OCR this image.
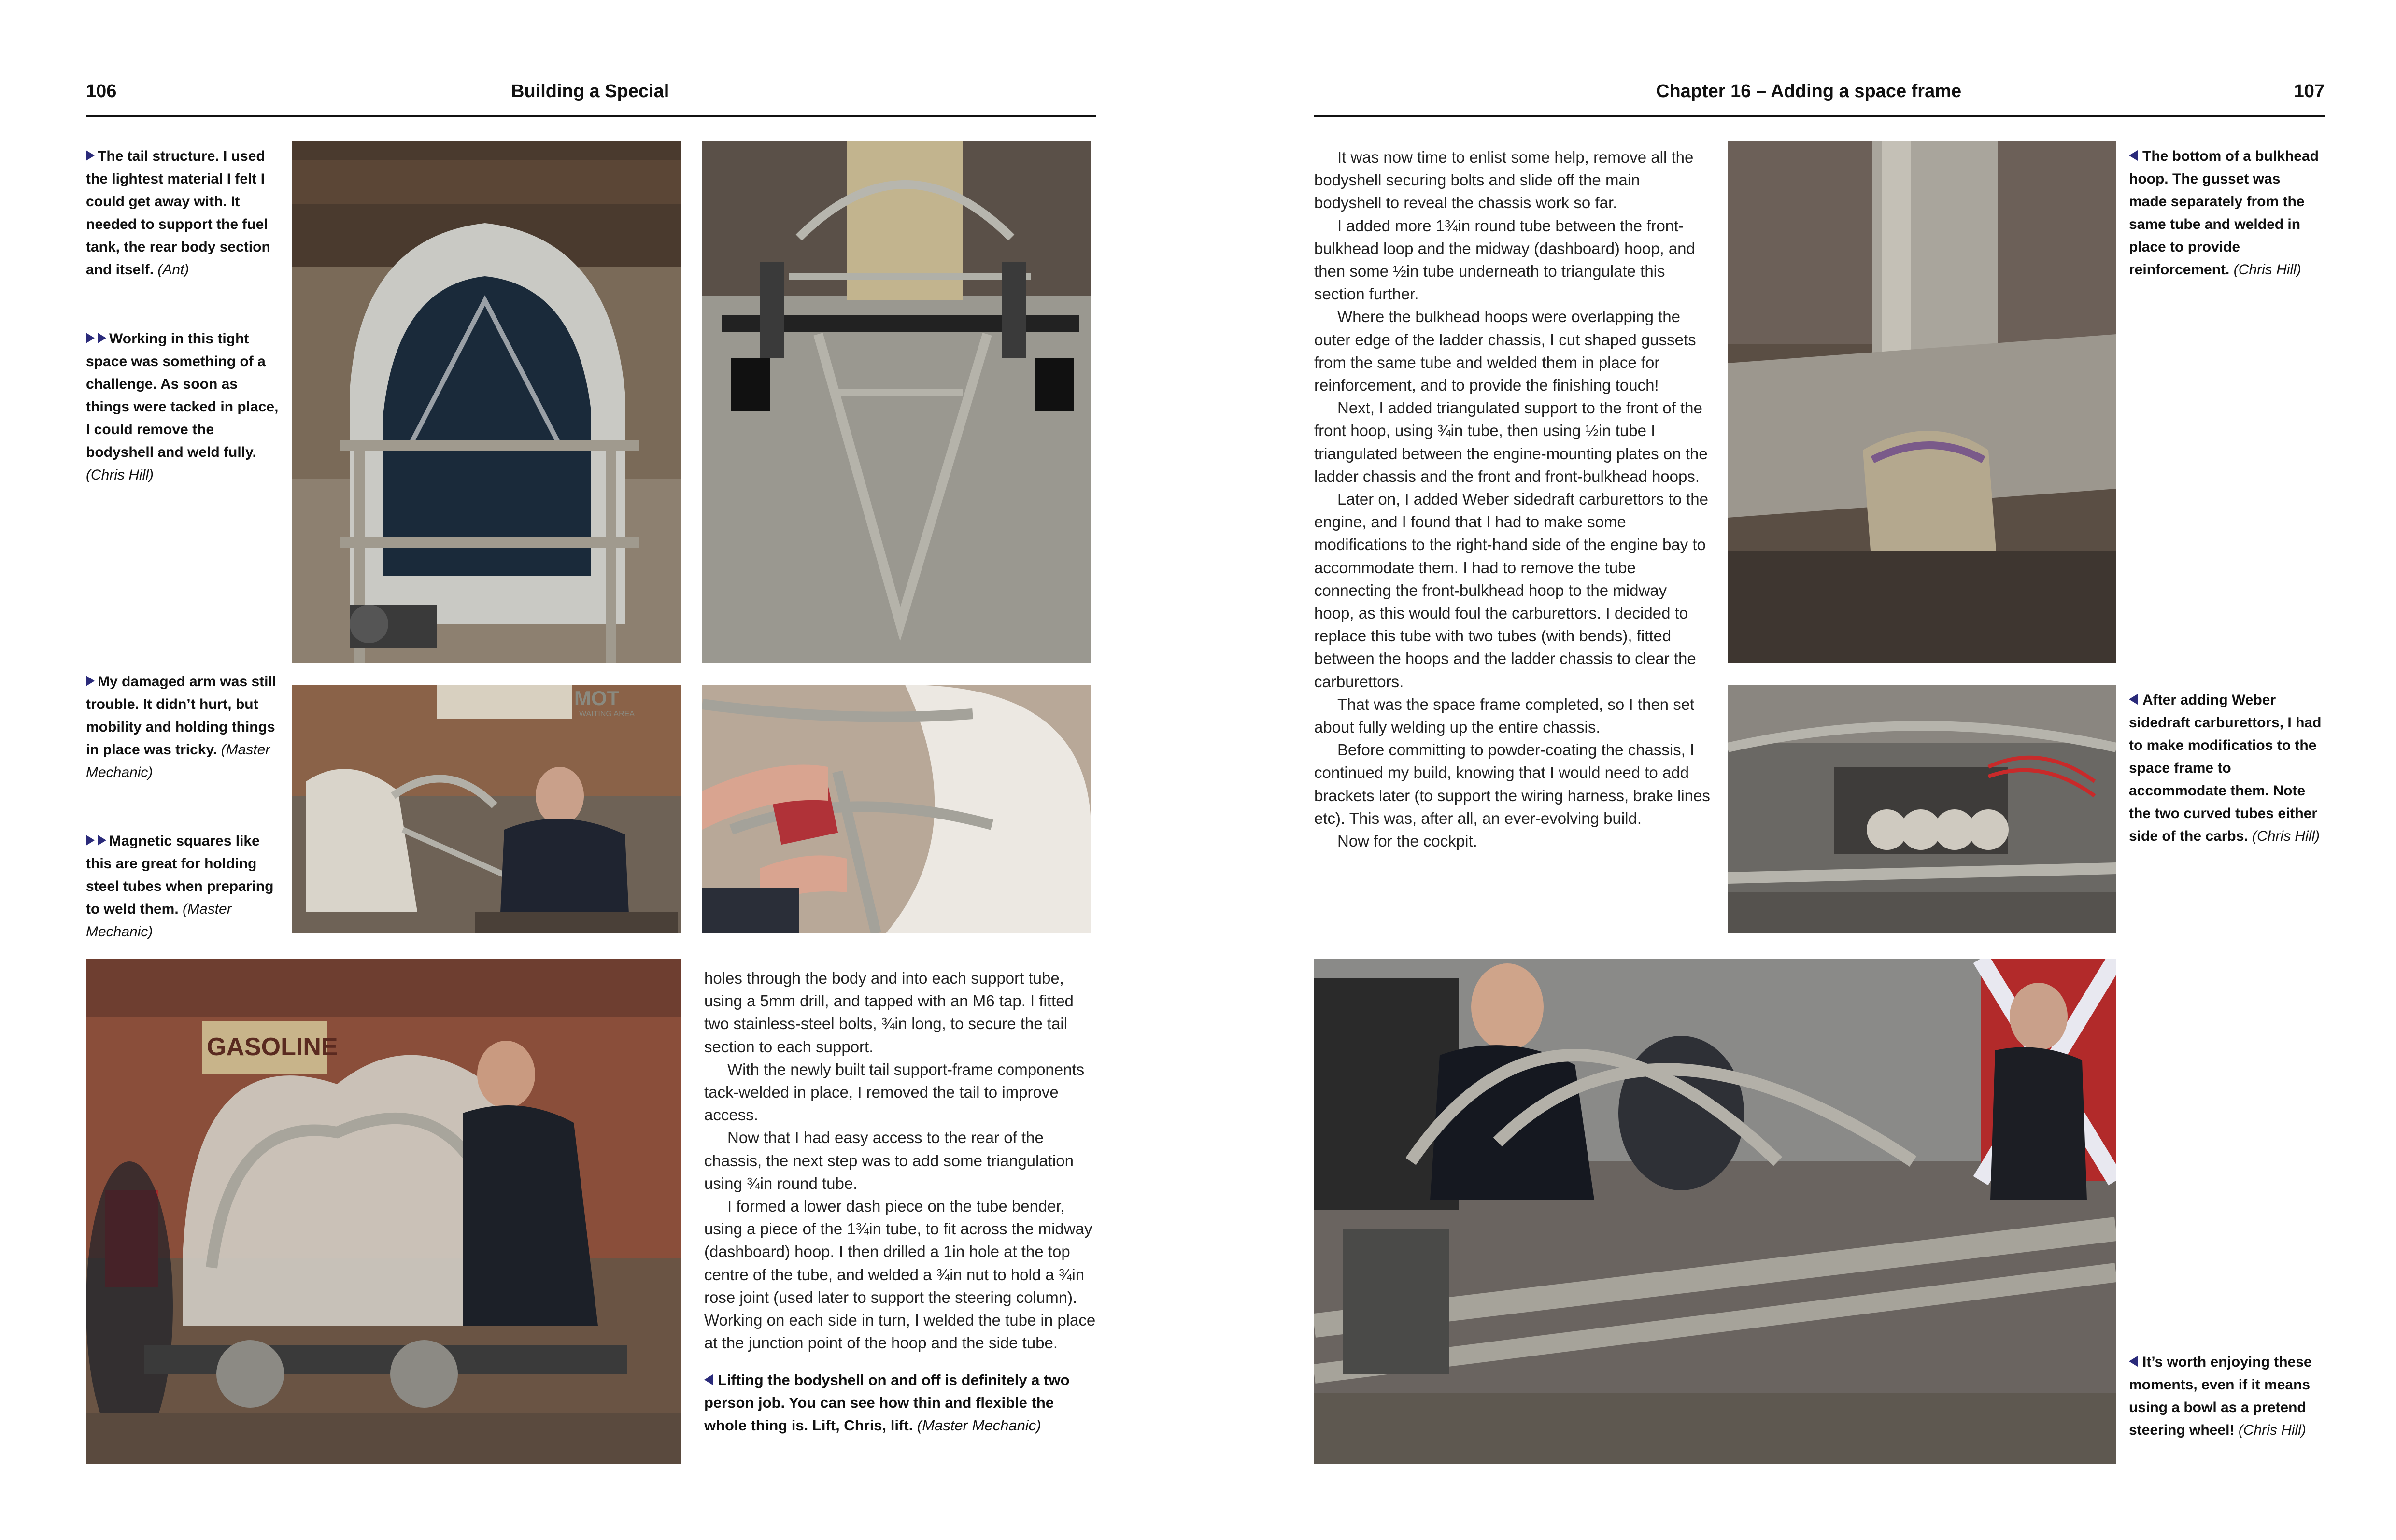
106	Building a Special

The tail structure. I used the lightest material I felt I could get away with. It needed to support the fuel tank, the rear body section and itself. (Ant)

Working in this tight space was something of a challenge. As soon as things were tacked in place, I could remove the bodyshell and weld fully. (Chris Hill)

My damaged arm was still trouble. It didn’t hurt, but mobility and holding things in place was tricky. (Master Mechanic)

Magnetic squares like this are great for holding steel tubes when preparing to weld them. (Master Mechanic)

MOT
WAITING AREA
GASOLINE

holes through the body and into each support tube, using a 5mm drill, and tapped with an M6 tap. I fitted two stainless-steel bolts, ¾in long, to secure the tail section to each support.

With the newly built tail support-frame components tack-welded in place, I removed the tail to improve access.

Now that I had easy access to the rear of the chassis, the next step was to add some triangulation using ¾in round tube.

I formed a lower dash piece on the tube bender, using a piece of the 1¾in tube, to fit across the midway (dashboard) hoop. I then drilled a 1in hole at the top centre of the tube, and welded a ¾in nut to hold a ¾in rose joint (used later to support the steering column). Working on each side in turn, I welded the tube in place at the junction point of the hoop and the side tube.

Lifting the bodyshell on and off is definitely a two person job. You can see how thin and flexible the whole thing is. Lift, Chris, lift. (Master Mechanic)

Chapter 16 – Adding a space frame	107

It was now time to enlist some help, remove all the bodyshell securing bolts and slide off the main bodyshell to reveal the chassis work so far.

I added more 1¾in round tube between the front-bulkhead loop and the midway (dashboard) hoop, and then some ½in tube underneath to triangulate this section further.

Where the bulkhead hoops were overlapping the outer edge of the ladder chassis, I cut shaped gussets from the same tube and welded them in place for reinforcement, and to provide the finishing touch!

Next, I added triangulated support to the front of the front hoop, using ¾in tube, then using ½in tube I triangulated between the engine-mounting plates on the ladder chassis and the front and front-bulkhead hoops.

Later on, I added Weber sidedraft carburettors to the engine, and I found that I had to make some modifications to the right-hand side of the engine bay to accommodate them. I had to remove the tube connecting the front-bulkhead hoop to the midway hoop, as this would foul the carburettors. I decided to replace this tube with two tubes (with bends), fitted between the hoops and the ladder chassis to clear the carburettors.

That was the space frame completed, so I then set about fully welding up the entire chassis.

Before committing to powder-coating the chassis, I continued my build, knowing that I would need to add brackets later (to support the wiring harness, brake lines etc). This was, after all, an ever-evolving build.

Now for the cockpit.

The bottom of a bulkhead hoop. The gusset was made separately from the same tube and welded in place to provide reinforcement. (Chris Hill)

After adding Weber sidedraft carburettors, I had to make modificatios to the space frame to accommodate them. Note the two curved tubes either side of the carbs. (Chris Hill)

It’s worth enjoying these moments, even if it means using a bowl as a pretend steering wheel! (Chris Hill)
